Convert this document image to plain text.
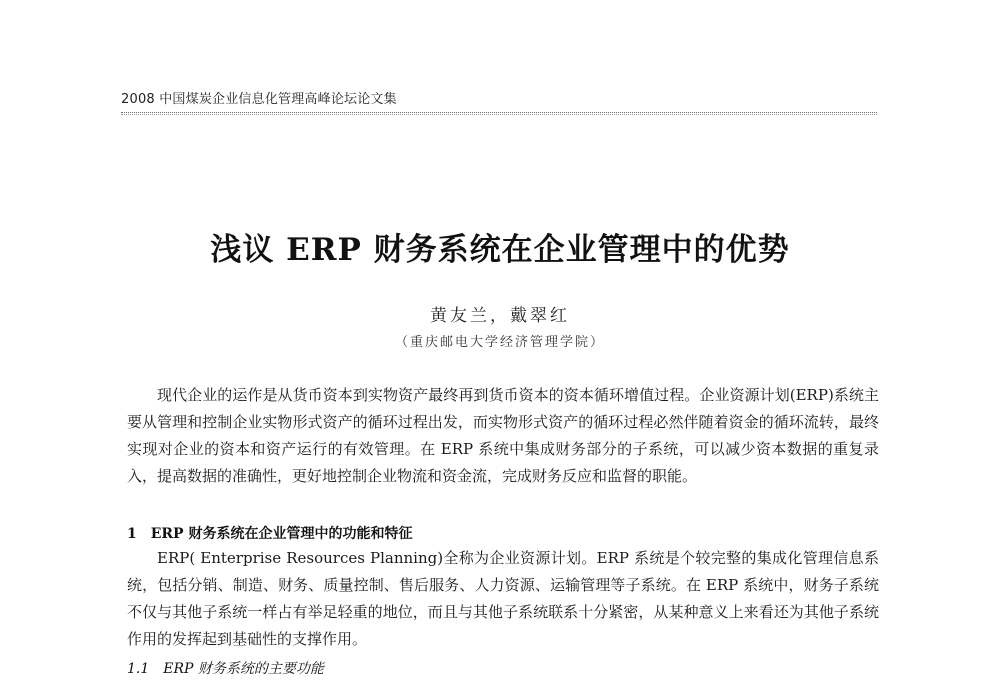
2008 中国煤炭企业信息化管理高峰论坛论文集
浅议 ERP 财务系统在企业管理中的优势
黄友兰，戴翠红
（重庆邮电大学经济管理学院）

现代企业的运作是从货币资本到实物资产最终再到货币资本的资本循环增值过程。企业资源计划(ERP)系统主要从管理和控制企业实物形式资产的循环过程出发，而实物形式资产的循环过程必然伴随着资金的循环流转，最终实现对企业的资本和资产运行的有效管理。在 ERP 系统中集成财务部分的子系统，可以减少资本数据的重复录入，提高数据的准确性，更好地控制企业物流和资金流，完成财务反应和监督的职能。

1　ERP 财务系统在企业管理中的功能和特征

ERP( Enterprise Resources Planning)全称为企业资源计划。ERP 系统是个较完整的集成化管理信息系统，包括分销、制造、财务、质量控制、售后服务、人力资源、运输管理等子系统。在 ERP 系统中，财务子系统不仅与其他子系统一样占有举足轻重的地位，而且与其他子系统联系十分紧密，从某种意义上来看还为其他子系统作用的发挥起到基础性的支撑作用。

1.1　ERP 财务系统的主要功能
